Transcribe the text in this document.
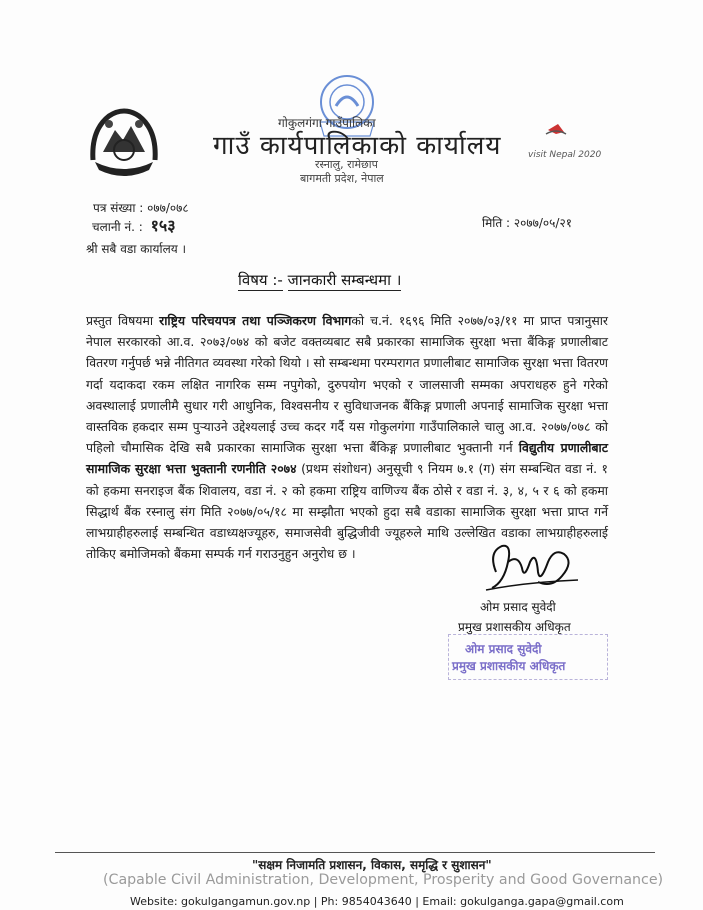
visit Nepal 2020
गोकुलगंगा गाउँपालिका
गाउँ कार्यपालिकाको कार्यालय
रस्नालु, रामेछाप
बागमती प्रदेश, नेपाल
पत्र संख्या : ०७७/०७८
चलानी नं. : १५३	मिति : २०७७/०५/२१
श्री सबै वडा कार्यालय ।
विषय :- जानकारी सम्बन्धमा ।
प्रस्तुत विषयमा राष्ट्रिय परिचयपत्र तथा पञ्जिकरण विभागको च.नं. १६९६ मिति २०७७/०३/११ मा प्राप्त पत्रानुसार नेपाल सरकारको आ.व. २०७३/०७४ को बजेट वक्तव्यबाट सबै प्रकारका सामाजिक सुरक्षा भत्ता बैंकिङ्ग प्रणालीबाट वितरण गर्नुपर्छ भन्ने नीतिगत व्यवस्था गरेको थियो । सो सम्बन्धमा परम्परागत प्रणालीबाट सामाजिक सुरक्षा भत्ता वितरण गर्दा यदाकदा रकम लक्षित नागरिक सम्म नपुगेको, दुरुपयोग भएको र जालसाजी सम्मका अपराधहरु हुने गरेको अवस्थालाई प्रणालीमै सुधार गरी आधुनिक, विश्वसनीय र सुविधाजनक बैंकिङ्ग प्रणाली अपनाई सामाजिक सुरक्षा भत्ता वास्तविक हकदार सम्म पुऱ्याउने उद्देश्यलाई उच्च कदर गर्दै यस गोकुलगंगा गाउँपालिकाले चालु आ.व. २०७७/०७८ को पहिलो चौमासिक देखि सबै प्रकारका सामाजिक सुरक्षा भत्ता बैंकिङ्ग प्रणालीबाट भुक्तानी गर्न विद्युतीय प्रणालीबाट सामाजिक सुरक्षा भत्ता भुक्तानी रणनीति २०७४ (प्रथम संशोधन) अनुसूची ९ नियम ७.१ (ग) संग सम्बन्धित वडा नं. १ को हकमा सनराइज बैंक शिवालय, वडा नं. २ को हकमा राष्ट्रिय वाणिज्य बैंक ठोसे र वडा नं. ३, ४, ५ र ६ को हकमा सिद्धार्थ बैंक रस्नालु संग मिति २०७७/०५/१८ मा सम्झौता भएको हुदा सबै वडाका सामाजिक सुरक्षा भत्ता प्राप्त गर्ने लाभग्राहीहरुलाई सम्बन्धित वडाध्यक्षज्यूहरु, समाजसेवी बुद्धिजीवी ज्यूहरुले माथि उल्लेखित वडाका लाभग्राहीहरुलाई तोकिए बमोजिमको बैंकमा सम्पर्क गर्न गराउनुहुन अनुरोध छ ।
ओम प्रसाद सुवेदी
प्रमुख प्रशासकीय अधिकृत
ओम प्रसाद सुवेदी
प्रमुख प्रशासकीय अधिकृत
"सक्षम निजामति प्रशासन, विकास, समृद्धि र सुशासन"
(Capable Civil Administration, Development, Prosperity and Good Governance)
Website: gokulgangamun.gov.np | Ph: 9854043640 | Email: gokulganga.gapa@gmail.com
